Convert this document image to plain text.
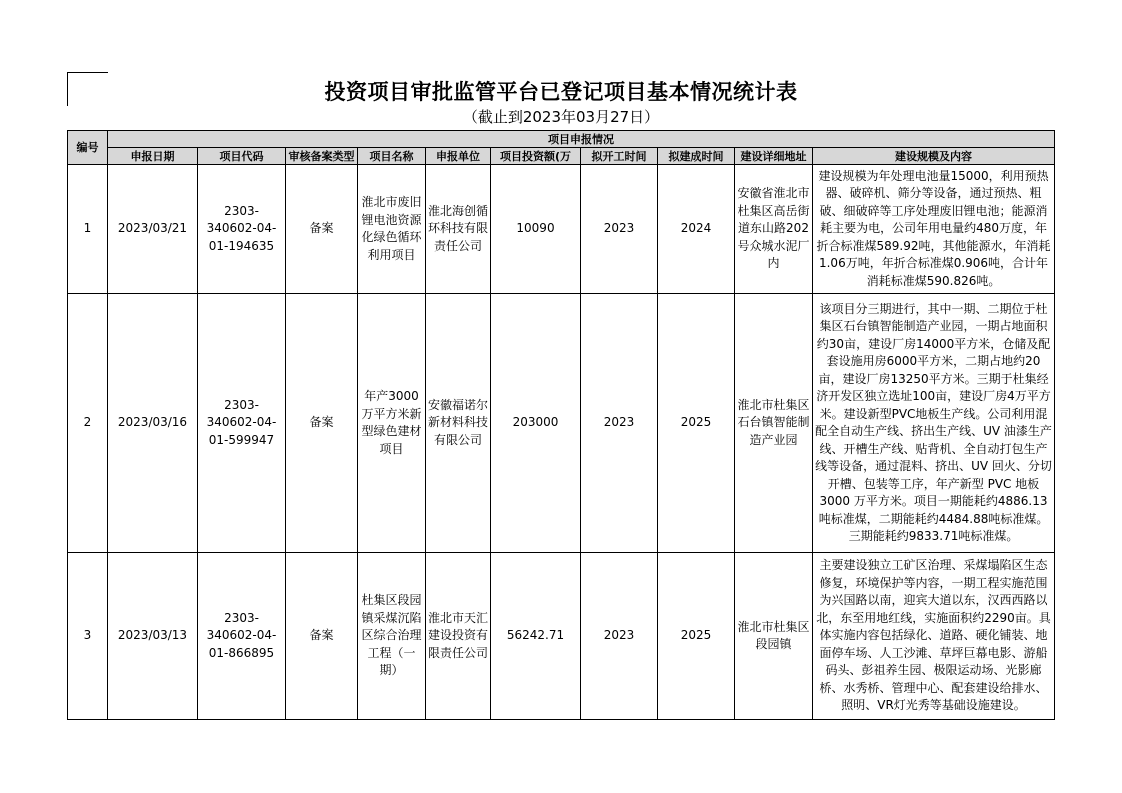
投资项目审批监管平台已登记项目基本情况统计表
（截止到2023年03月27日）
编号	项目申报情况									
	申报日期	项目代码	审核备案类型	项目名称	申报单位	项目投资额(万	拟开工时间	拟建成时间	建设详细地址	建设规模及内容
1	2023/03/21	2303-340602-04-01-194635	备案	淮北市废旧锂电池资源化绿色循环利用项目	淮北海创循环科技有限责任公司	10090	2023	2024	安徽省淮北市杜集区高岳街道东山路202号众城水泥厂内	建设规模为年处理电池量15000，利用预热器、破碎机、筛分等设备，通过预热、粗破、细破碎等工序处理废旧锂电池；能源消耗主要为电，公司年用电量约480万度，年折合标准煤589.92吨，其他能源水，年消耗1.06万吨，年折合标准煤0.906吨，合计年消耗标准煤590.826吨。
2	2023/03/16	2303-340602-04-01-599947	备案	年产3000万平方米新型绿色建材项目	安徽福诺尔新材料科技有限公司	203000	2023	2025	淮北市杜集区石台镇智能制造产业园	该项目分三期进行，其中一期、二期位于杜集区石台镇智能制造产业园，一期占地面积约30亩，建设厂房14000平方米，仓储及配套设施用房6000平方米，二期占地约20亩，建设厂房13250平方米。三期于杜集经济开发区独立选址100亩，建设厂房4万平方米。建设新型PVC地板生产线。公司利用混配全自动生产线、挤出生产线、UV 油漆生产线、开槽生产线、贴背机、全自动打包生产线等设备，通过混料、挤出、UV 回火、分切开槽、包装等工序，年产新型 PVC 地板3000 万平方米。项目一期能耗约4886.13吨标准煤，二期能耗约4484.88吨标准煤。三期能耗约9833.71吨标准煤。
3	2023/03/13	2303-340602-04-01-866895	备案	杜集区段园镇采煤沉陷区综合治理工程（一期）	淮北市天汇建设投资有限责任公司	56242.71	2023	2025	淮北市杜集区段园镇	主要建设独立工矿区治理、采煤塌陷区生态修复，环境保护等内容，一期工程实施范围为兴国路以南，迎宾大道以东，汉西西路以北，东至用地红线，实施面积约2290亩。具体实施内容包括绿化、道路、硬化铺装、地面停车场、人工沙滩、草坪巨幕电影、游船码头、彭祖养生园、极限运动场、光影廊桥、水秀桥、管理中心、配套建设给排水、照明、VR灯光秀等基础设施建设。
